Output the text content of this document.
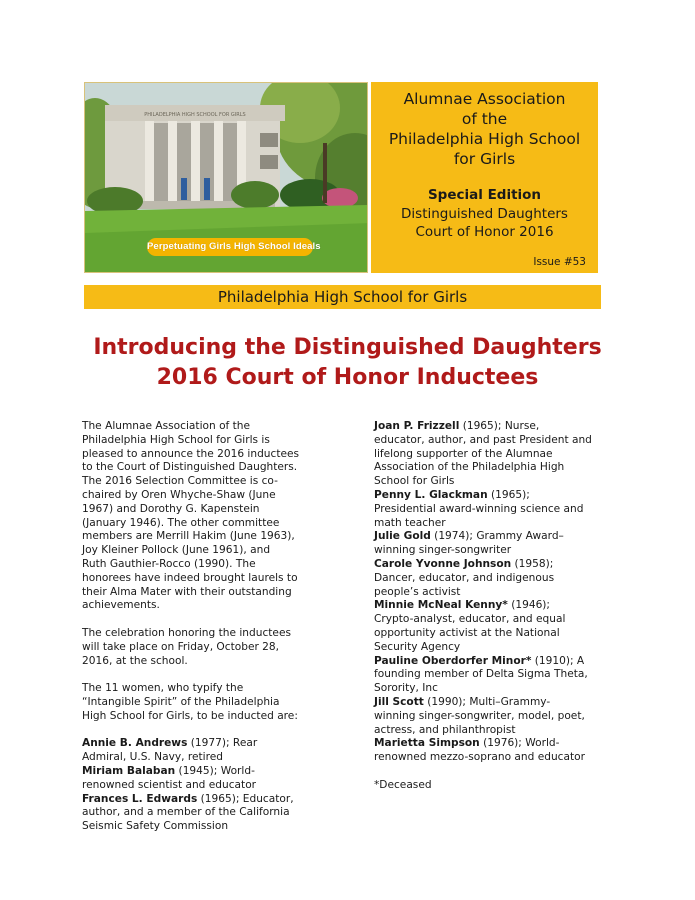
PHILADELPHIA HIGH SCHOOL FOR GIRLS
Perpetuating Girls High School Ideals
Alumnae Association
of the
Philadelphia High School
for Girls
Special Edition
Distinguished Daughters
Court of Honor 2016
Issue #53
Philadelphia High School for Girls
Introducing the Distinguished Daughters
2016 Court of Honor Inductees
The Alumnae Association of the
Philadelphia High School for Girls is
pleased to announce the 2016 inductees
to the Court of Distinguished Daughters.
The 2016 Selection Committee is co-
chaired by Oren Whyche-Shaw (June
1967) and Dorothy G. Kapenstein
(January 1946). The other committee
members are Merrill Hakim (June 1963),
Joy Kleiner Pollock (June 1961), and
Ruth Gauthier-Rocco (1990). The
honorees have indeed brought laurels to
their Alma Mater with their outstanding
achievements.
The celebration honoring the inductees
will take place on Friday, October 28,
2016, at the school.
The 11 women, who typify the
“Intangible Spirit” of the Philadelphia
High School for Girls, to be inducted are:
Annie B. Andrews (1977); Rear
Admiral, U.S. Navy, retired
Miriam Balaban (1945); World-
renowned scientist and educator
Frances L. Edwards (1965); Educator,
author, and a member of the California
Seismic Safety Commission
Joan P. Frizzell (1965); Nurse,
educator, author, and past President and
lifelong supporter of the Alumnae
Association of the Philadelphia High
School for Girls
Penny L. Glackman (1965);
Presidential award-winning science and
math teacher
Julie Gold (1974); Grammy Award–
winning singer-songwriter
Carole Yvonne Johnson (1958);
Dancer, educator, and indigenous
people’s activist
Minnie McNeal Kenny* (1946);
Crypto-analyst, educator, and equal
opportunity activist at the National
Security Agency
Pauline Oberdorfer Minor* (1910); A
founding member of Delta Sigma Theta,
Sorority, Inc
Jill Scott (1990); Multi–Grammy-
winning singer-songwriter, model, poet,
actress, and philanthropist
Marietta Simpson (1976); World-
renowned mezzo-soprano and educator
*Deceased
